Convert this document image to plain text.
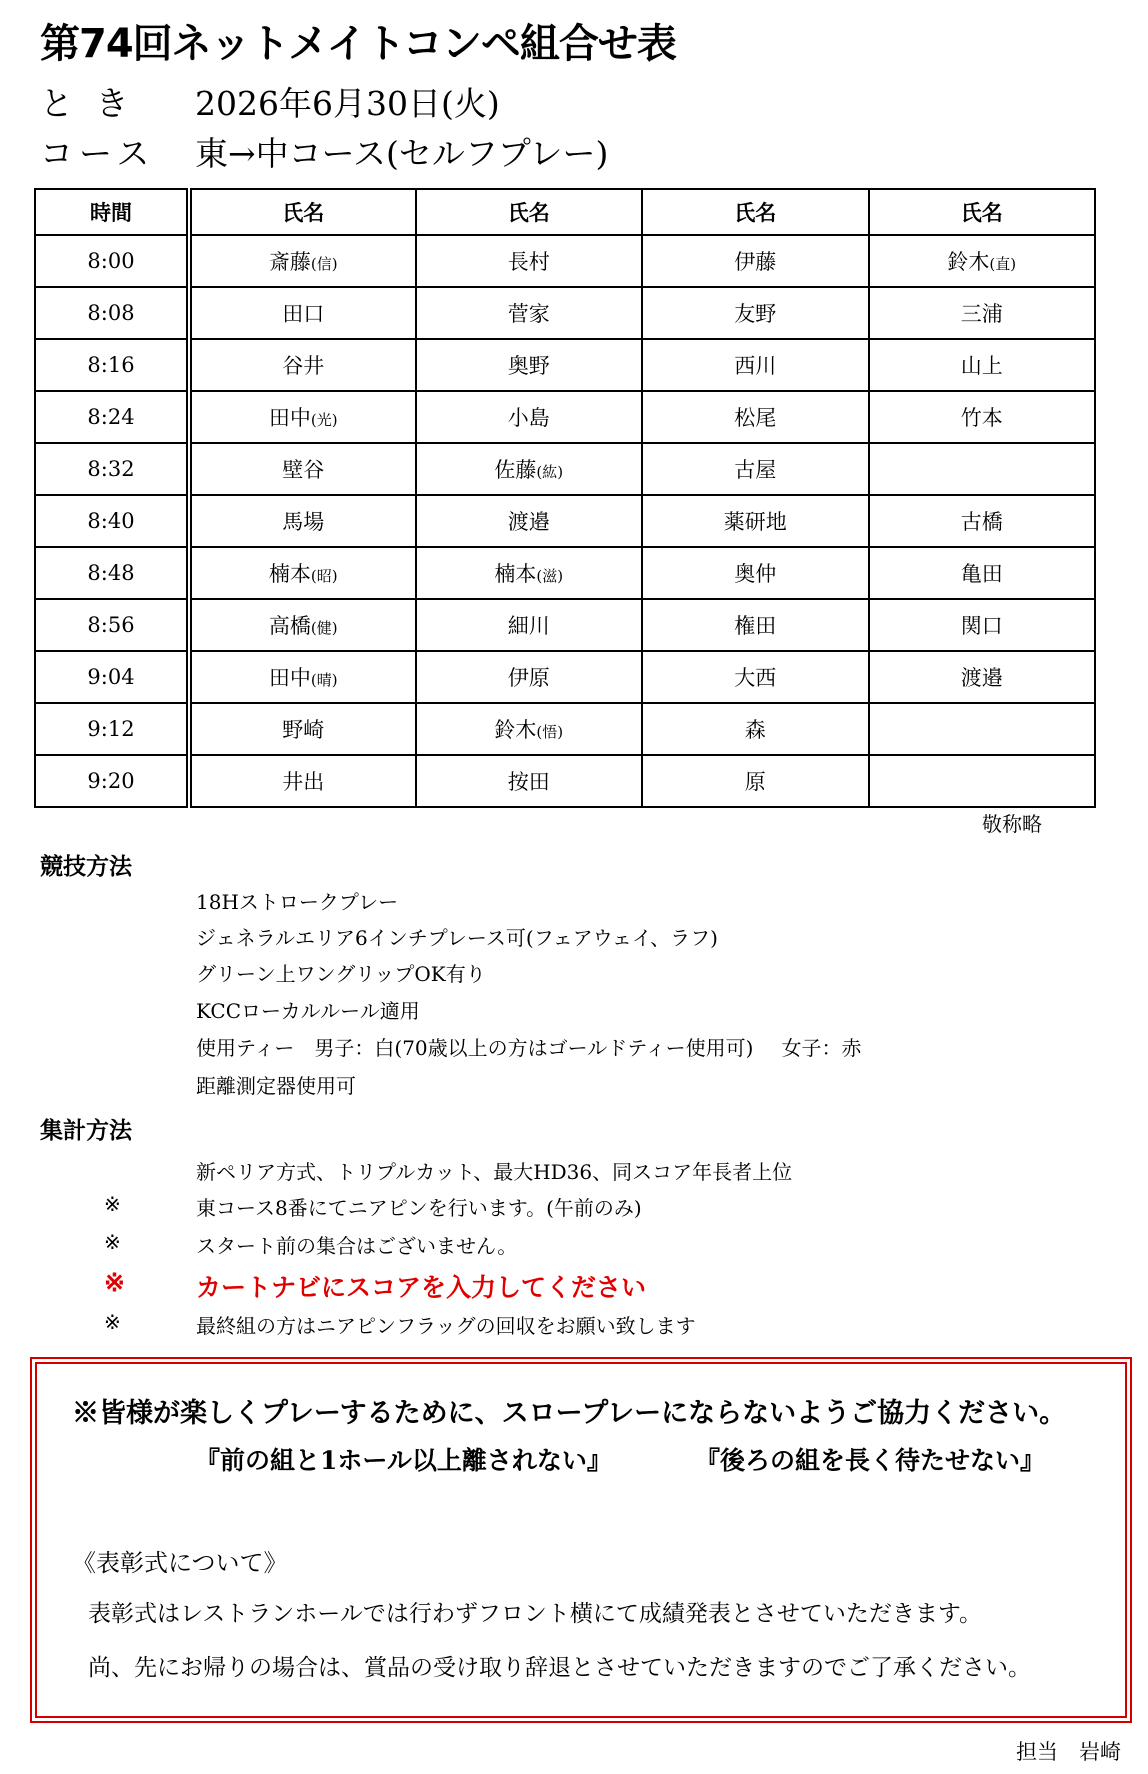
第74回ネットメイトコンペ組合せ表
と き 2026年6月30日(火)
コース 東→中コース(セルフプレー)
時間	氏名	氏名	氏名	氏名
8:00	斎藤(信)	長村	伊藤	鈴木(直)
8:08	田口	菅家	友野	三浦
8:16	谷井	奥野	西川	山上
8:24	田中(光)	小島	松尾	竹本
8:32	壁谷	佐藤(紘)	古屋	
8:40	馬場	渡邉	薬研地	古橋
8:48	楠本(昭)	楠本(滋)	奥仲	亀田
8:56	高橋(健)	細川	権田	関口
9:04	田中(晴)	伊原	大西	渡邉
9:12	野崎	鈴木(悟)	森	
9:20	井出	按田	原	
敬称略
競技方法
18Hストロークプレー
ジェネラルエリア6インチプレース可(フェアウェイ、ラフ)
グリーン上ワングリップOK有り
KCCローカルルール適用
使用ティー　男子：白(70歳以上の方はゴールドティー使用可) 女子：赤
距離測定器使用可
集計方法
新ペリア方式、トリプルカット、最大HD36、同スコア年長者上位
※	東コース8番にてニアピンを行います。(午前のみ)
※	スタート前の集合はございません。
※	カートナビにスコアを入力してください
※	最終組の方はニアピンフラッグの回収をお願い致します
※皆様が楽しくプレーするために、スロープレーにならないようご協力ください。
『前の組と1ホール以上離されない』	『後ろの組を長く待たせない』
《表彰式について》
表彰式はレストランホールでは行わずフロント横にて成績発表とさせていただきます。
尚、先にお帰りの場合は、賞品の受け取り辞退とさせていただきますのでご了承ください。
担当　岩崎
